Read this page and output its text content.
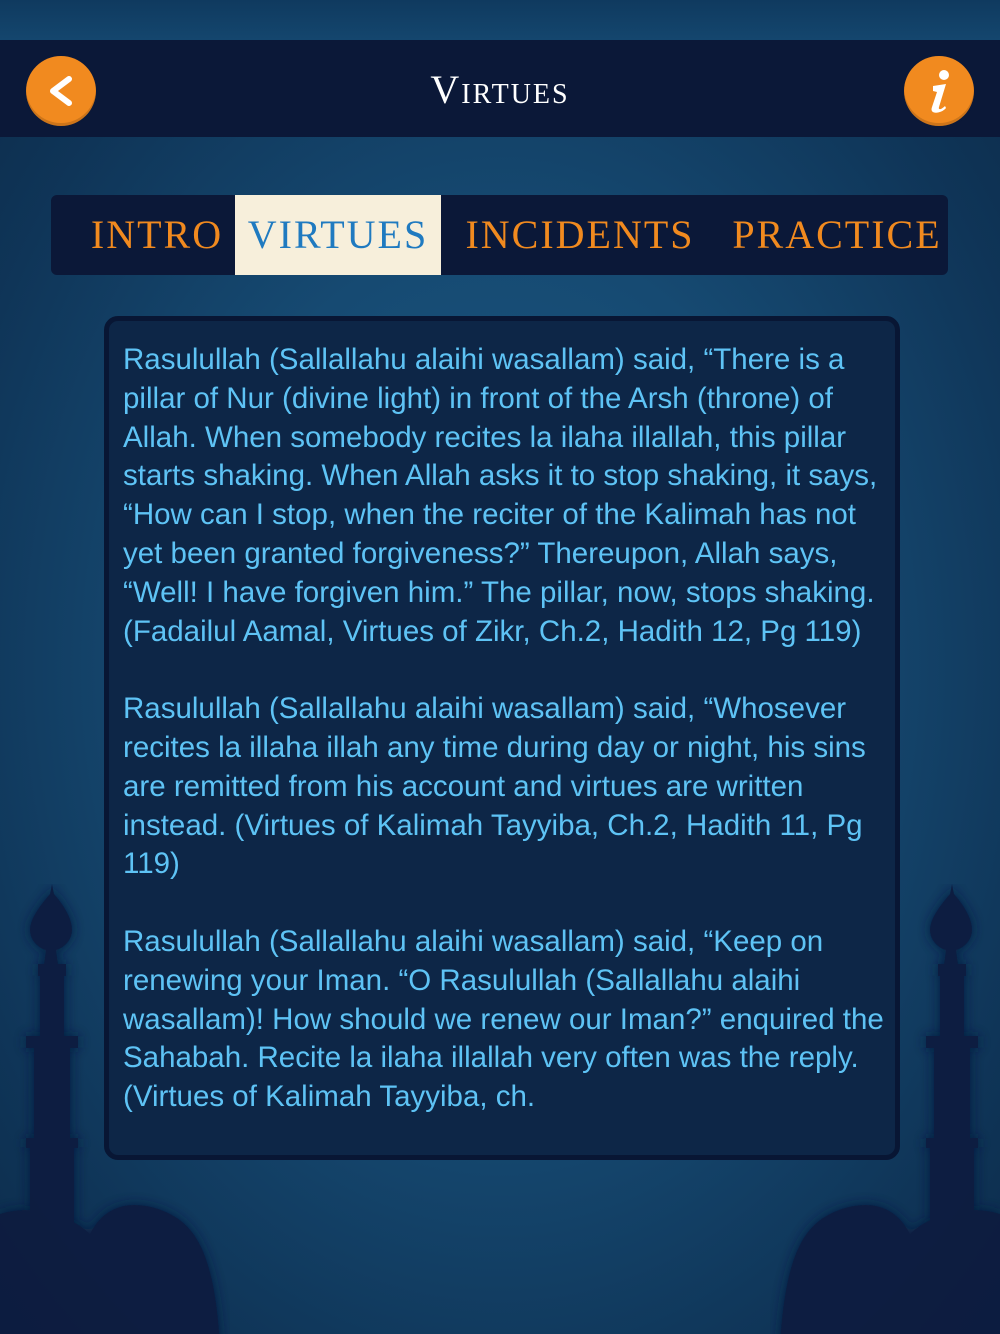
Virtues
INTRO VIRTUES INCIDENTS PRACTICE

Rasulullah (Sallallahu alaihi wasallam) said, “There is a pillar of Nur (divine light) in front of the Arsh (throne) of Allah. When somebody recites la ilaha illallah, this pillar starts shaking. When Allah asks it to stop shaking, it says, “How can I stop, when the reciter of the Kalimah has not yet been granted forgiveness?” Thereupon, Allah says, “Well! I have forgiven him.” The pillar, now, stops shaking. (Fadailul Aamal, Virtues of Zikr, Ch.2, Hadith 12, Pg 119)

Rasulullah (Sallallahu alaihi wasallam) said, “Whosever recites la illaha illah any time during day or night, his sins are remitted from his account and virtues are written instead. (Virtues of Kalimah Tayyiba, Ch.2, Hadith 11, Pg 119)

Rasulullah (Sallallahu alaihi wasallam) said, “Keep on renewing your Iman. “O Rasulullah (Sallallahu alaihi wasallam)! How should we renew our Iman?” enquired the Sahabah. Recite la ilaha illallah very often was the reply. (Virtues of Kalimah Tayyiba, ch.
